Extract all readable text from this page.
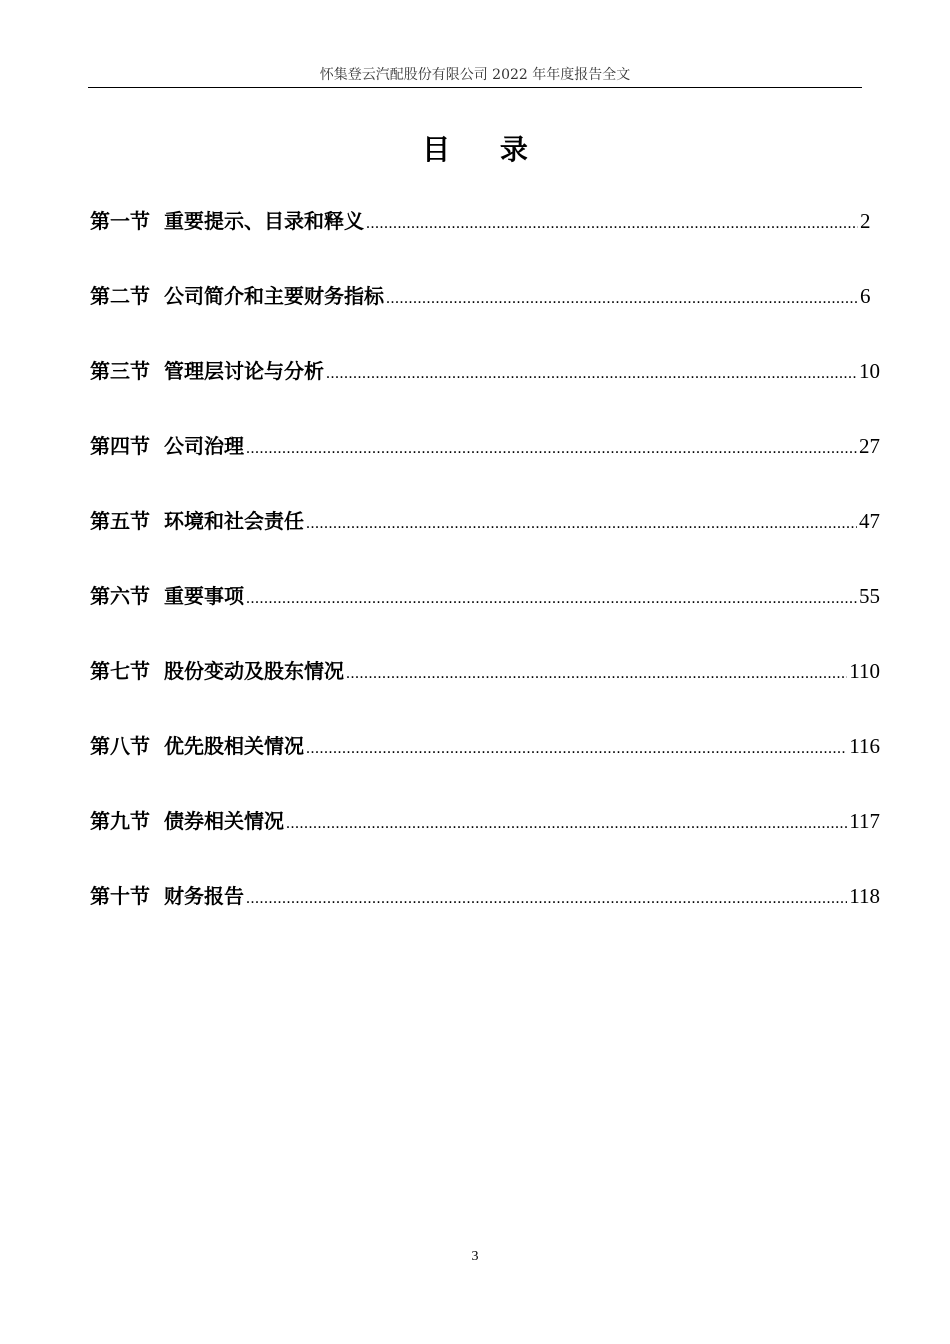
怀集登云汽配股份有限公司 2022 年年度报告全文
目 录
第一节 重要提示、目录和释义 .....	2
第二节 公司简介和主要财务指标 .....	6
第三节 管理层讨论与分析 .....	10
第四节 公司治理 .....	27
第五节 环境和社会责任 .....	47
第六节 重要事项 .....	55
第七节 股份变动及股东情况 .....	110
第八节 优先股相关情况 .....	116
第九节 债券相关情况 .....	117
第十节 财务报告 .....	118
3
